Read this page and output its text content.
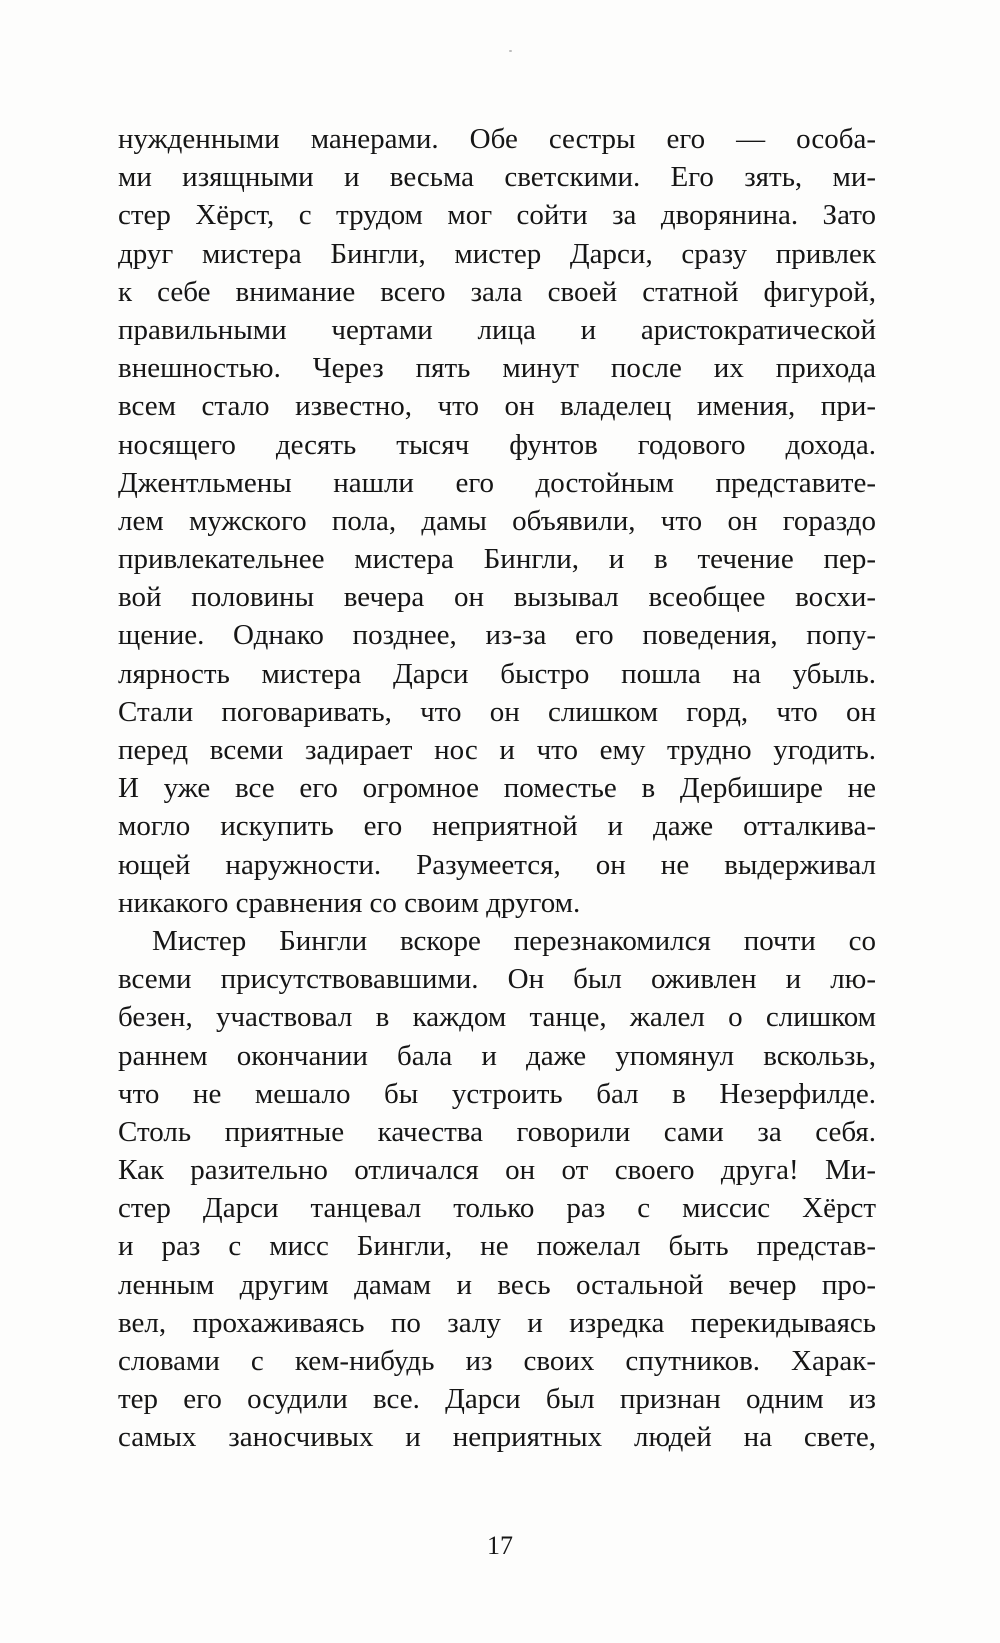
нужденными манерами. Обе сестры его — особа-
ми изящными и весьма светскими. Его зять, ми-
стер Хёрст, с трудом мог сойти за дворянина. Зато
друг мистера Бингли, мистер Дарси, сразу привлек
к себе внимание всего зала своей статной фигурой,
правильными чертами лица и аристократической
внешностью. Через пять минут после их прихода
всем стало известно, что он владелец имения, при-
носящего десять тысяч фунтов годового дохода.
Джентльмены нашли его достойным представите-
лем мужского пола, дамы объявили, что он гораздо
привлекательнее мистера Бингли, и в течение пер-
вой половины вечера он вызывал всеобщее восхи-
щение. Однако позднее, из-за его поведения, попу-
лярность мистера Дарси быстро пошла на убыль.
Стали поговаривать, что он слишком горд, что он
перед всеми задирает нос и что ему трудно угодить.
И уже все его огромное поместье в Дербишире не
могло искупить его неприятной и даже отталкива-
ющей наружности. Разумеется, он не выдерживал
никакого сравнения со своим другом.
Мистер Бингли вскоре перезнакомился почти со
всеми присутствовавшими. Он был оживлен и лю-
безен, участвовал в каждом танце, жалел о слишком
раннем окончании бала и даже упомянул вскользь,
что не мешало бы устроить бал в Незерфилде.
Столь приятные качества говорили сами за себя.
Как разительно отличался он от своего друга! Ми-
стер Дарси танцевал только раз с миссис Хёрст
и раз с мисс Бингли, не пожелал быть представ-
ленным другим дамам и весь остальной вечер про-
вел, прохаживаясь по залу и изредка перекидываясь
словами с кем-нибудь из своих спутников. Харак-
тер его осудили все. Дарси был признан одним из
самых заносчивых и неприятных людей на свете,
17
